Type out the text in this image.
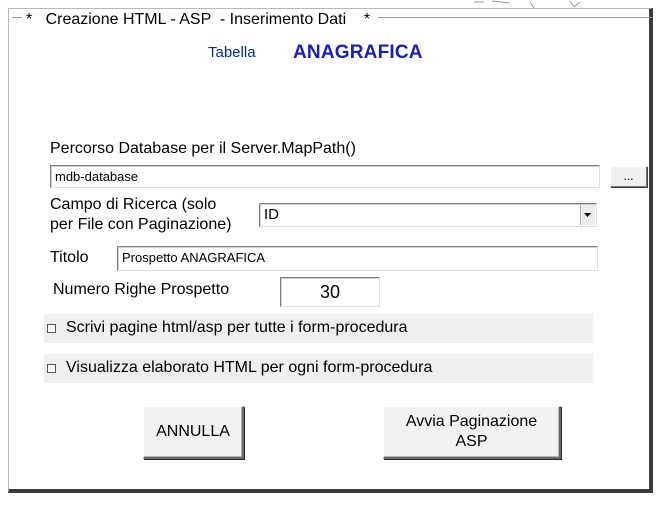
*   Creazione HTML - ASP  - Inserimento Dati    *
Tabella ANAGRAFICA
Percorso Database per il Server.MapPath()
mdb-database	...
Campo di Ricerca (solo
per File con Paginazione)
ID
Titolo	Prospetto ANAGRAFICA
Numero Righe Prospetto	30
Scrivi pagine html/asp per tutte i form-procedura
Visualizza elaborato HTML per ogni form-procedura
ANNULLA
Avvia Paginazione
ASP
